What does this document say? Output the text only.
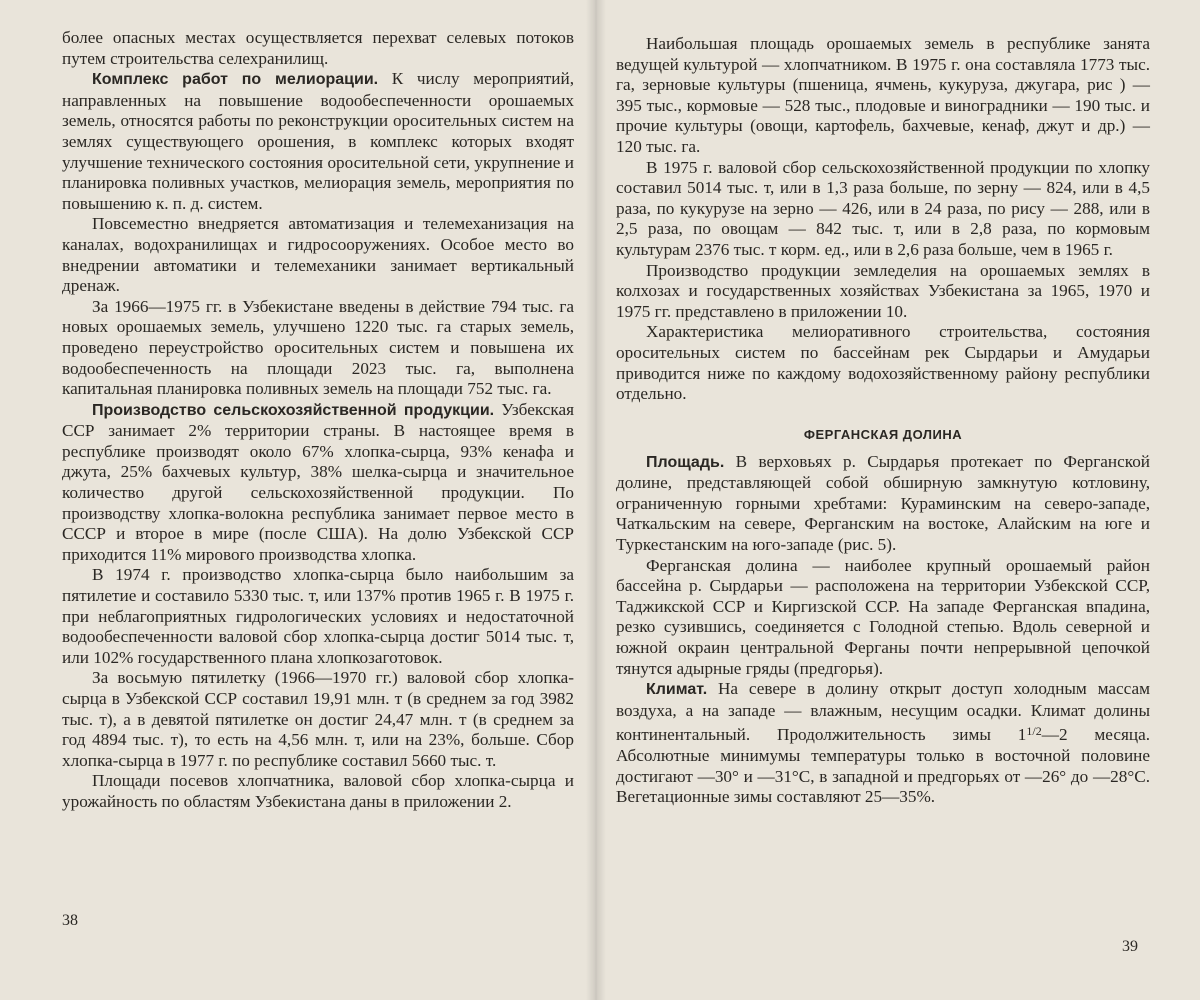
более опасных местах осуществляется перехват селевых потоков путем строительства селехранилищ.

Комплекс работ по мелиорации. К числу мероприятий, направленных на повышение водообеспеченности орошаемых земель, относятся работы по реконструкции оросительных систем на землях существующего орошения, в комплекс которых входят улучшение технического состояния оросительной сети, укрупнение и планировка поливных участков, мелиорация земель, мероприятия по повышению к. п. д. систем.

Повсеместно внедряется автоматизация и телемеханизация на каналах, водохранилищах и гидросооружениях. Особое место во внедрении автоматики и телемеханики занимает вертикальный дренаж.

За 1966—1975 гг. в Узбекистане введены в действие 794 тыс. га новых орошаемых земель, улучшено 1220 тыс. га старых земель, проведено переустройство оросительных систем и повышена их водообеспеченность на площади 2023 тыс. га, выполнена капитальная планировка поливных земель на площади 752 тыс. га.

Производство сельскохозяйственной продукции. Узбекская ССР занимает 2% территории страны. В настоящее время в республике производят около 67% хлопка-сырца, 93% кенафа и джута, 25% бахчевых культур, 38% шелка-сырца и значительное количество другой сельскохозяйственной продукции. По производству хлопка-волокна республика занимает первое место в СССР и второе в мире (после США). На долю Узбекской ССР приходится 11% мирового производства хлопка.

В 1974 г. производство хлопка-сырца было наибольшим за пятилетие и составило 5330 тыс. т, или 137% против 1965 г. В 1975 г. при неблагоприятных гидрологических условиях и недостаточной водообеспеченности валовой сбор хлопка-сырца достиг 5014 тыс. т, или 102% государственного плана хлопкозаготовок.

За восьмую пятилетку (1966—1970 гг.) валовой сбор хлопка-сырца в Узбекской ССР составил 19,91 млн. т (в среднем за год 3982 тыс. т), а в девятой пятилетке он достиг 24,47 млн. т (в среднем за год 4894 тыс. т), то есть на 4,56 млн. т, или на 23%, больше. Сбор хлопка-сырца в 1977 г. по республике составил 5660 тыс. т.

Площади посевов хлопчатника, валовой сбор хлопка-сырца и урожайность по областям Узбекистана даны в приложении 2.

38

Наибольшая площадь орошаемых земель в республике занята ведущей культурой — хлопчатником. В 1975 г. она составляла 1773 тыс. га, зерновые культуры (пшеница, ячмень, кукуруза, джугара, рис ) — 395 тыс., кормовые — 528 тыс., плодовые и виноградники — 190 тыс. и прочие культуры (овощи, картофель, бахчевые, кенаф, джут и др.) — 120 тыс. га.

В 1975 г. валовой сбор сельскохозяйственной продукции по хлопку составил 5014 тыс. т, или в 1,3 раза больше, по зерну — 824, или в 4,5 раза, по кукурузе на зерно — 426, или в 24 раза, по рису — 288, или в 2,5 раза, по овощам — 842 тыс. т, или в 2,8 раза, по кормовым культурам 2376 тыс. т корм. ед., или в 2,6 раза больше, чем в 1965 г.

Производство продукции земледелия на орошаемых землях в колхозах и государственных хозяйствах Узбекистана за 1965, 1970 и 1975 гг. представлено в приложении 10.

Характеристика мелиоративного строительства, состояния оросительных систем по бассейнам рек Сырдарьи и Амударьи приводится ниже по каждому водохозяйственному району республики отдельно.

ФЕРГАНСКАЯ ДОЛИНА

Площадь. В верховьях р. Сырдарья протекает по Ферганской долине, представляющей собой обширную замкнутую котловину, ограниченную горными хребтами: Кураминским на северо-западе, Чаткальским на севере, Ферганским на востоке, Алайским на юге и Туркестанским на юго-западе (рис. 5).

Ферганская долина — наиболее крупный орошаемый район бассейна р. Сырдарьи — расположена на территории Узбекской ССР, Таджикской ССР и Киргизской ССР. На западе Ферганская впадина, резко сузившись, соединяется с Голодной степью. Вдоль северной и южной окраин центральной Ферганы почти непрерывной цепочкой тянутся адырные гряды (предгорья).

Климат. На севере в долину открыт доступ холодным массам воздуха, а на западе — влажным, несущим осадки. Климат долины континентальный. Продолжительность зимы $1^{1/2}—2$ месяца. Абсолютные минимумы температуры только в восточной половине достигают —30° и —31°С, в западной и предгорьях от —26° до —28°С. Вегетационные зимы составляют 25—35%.

39
